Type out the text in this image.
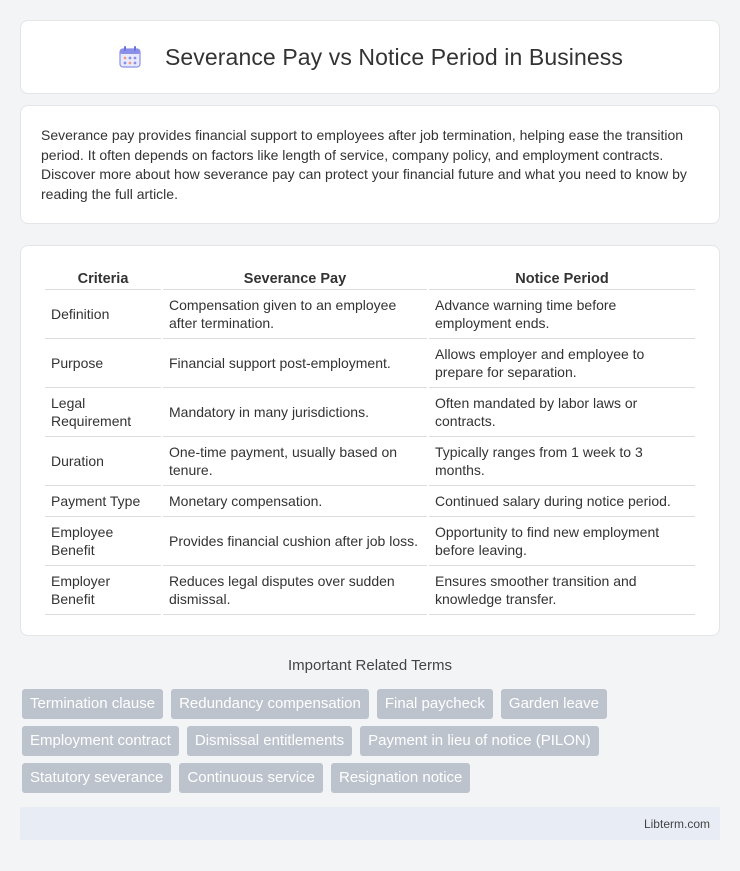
Severance Pay vs Notice Period in Business

Severance pay provides financial support to employees after job termination, helping ease the transition period. It often depends on factors like length of service, company policy, and employment contracts. Discover more about how severance pay can protect your financial future and what you need to know by reading the full article.

Criteria	Severance Pay	Notice Period
Definition	Compensation given to an employee after termination.	Advance warning time before employment ends.
Purpose	Financial support post-employment.	Allows employer and employee to prepare for separation.
Legal Requirement	Mandatory in many jurisdictions.	Often mandated by labor laws or contracts.
Duration	One-time payment, usually based on tenure.	Typically ranges from 1 week to 3 months.
Payment Type	Monetary compensation.	Continued salary during notice period.
Employee Benefit	Provides financial cushion after job loss.	Opportunity to find new employment before leaving.
Employer Benefit	Reduces legal disputes over sudden dismissal.	Ensures smoother transition and knowledge transfer.
Important Related Terms
Termination clause	Redundancy compensation	Final paycheck	Garden leave
Employment contract	Dismissal entitlements	Payment in lieu of notice (PILON)
Statutory severance	Continuous service	Resignation notice
Libterm.com
